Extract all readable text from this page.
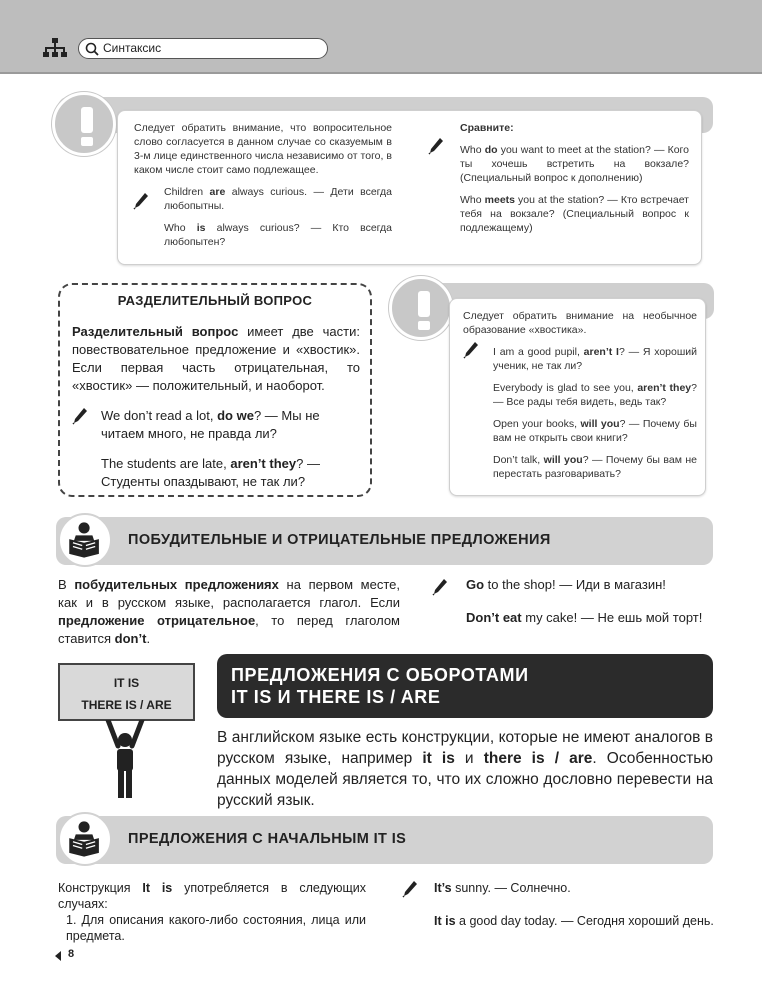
Синтаксис
Следует обратить внимание, что вопросительное слово согласуется в данном случае со сказуемым в 3-м лице единственного числа независимо от того, в каком числе стоит само подлежащее.
Children are always curious. — Дети всегда любопытны.
Who is always curious? — Кто всегда любопытен?
Сравните:
Who do you want to meet at the station? — Кого ты хочешь встретить на вокзале? (Специальный вопрос к дополнению)
Who meets you at the station? — Кто встречает тебя на вокзале? (Специальный вопрос к подлежащему)
РАЗДЕЛИТЕЛЬНЫЙ ВОПРОС
Разделительный вопрос имеет две части: повествовательное предложение и «хвостик». Если первая часть отрицательная, то «хвостик» — положительный, и наоборот.
We don’t read a lot, do we? — Мы не читаем много, не правда ли?
The students are late, aren’t they? — Студенты опаздывают, не так ли?
Следует обратить внимание на необычное образование «хвостика».
I am a good pupil, aren’t I? — Я хороший ученик, не так ли?
Everybody is glad to see you, aren’t they? — Все рады тебя видеть, ведь так?
Open your books, will you? — Почему бы вам не открыть свои книги?
Don’t talk, will you? — Почему бы вам не перестать разговаривать?
ПОБУДИТЕЛЬНЫЕ И ОТРИЦАТЕЛЬНЫЕ ПРЕДЛОЖЕНИЯ
В побудительных предложениях на первом месте, как и в русском языке, располагается глагол. Если предложение отрицательное, то перед глаголом ставится don’t.
Go to the shop! — Иди в магазин!
Don’t eat my cake! — Не ешь мой торт!
IT IS
THERE IS / ARE
ПРЕДЛОЖЕНИЯ С ОБОРОТАМИ
IT IS И THERE IS / ARE
В английском языке есть конструкции, которые не имеют аналогов в русском языке, например it is и there is / are. Особенностью данных моделей является то, что их сложно дословно перевести на русский язык.
ПРЕДЛОЖЕНИЯ С НАЧАЛЬНЫМ IT IS
Конструкция It is употребляется в следующих случаях:
1. Для описания какого-либо состояния, лица или предмета.
It’s sunny. — Солнечно.
It is a good day today. — Сегодня хороший день.
8
